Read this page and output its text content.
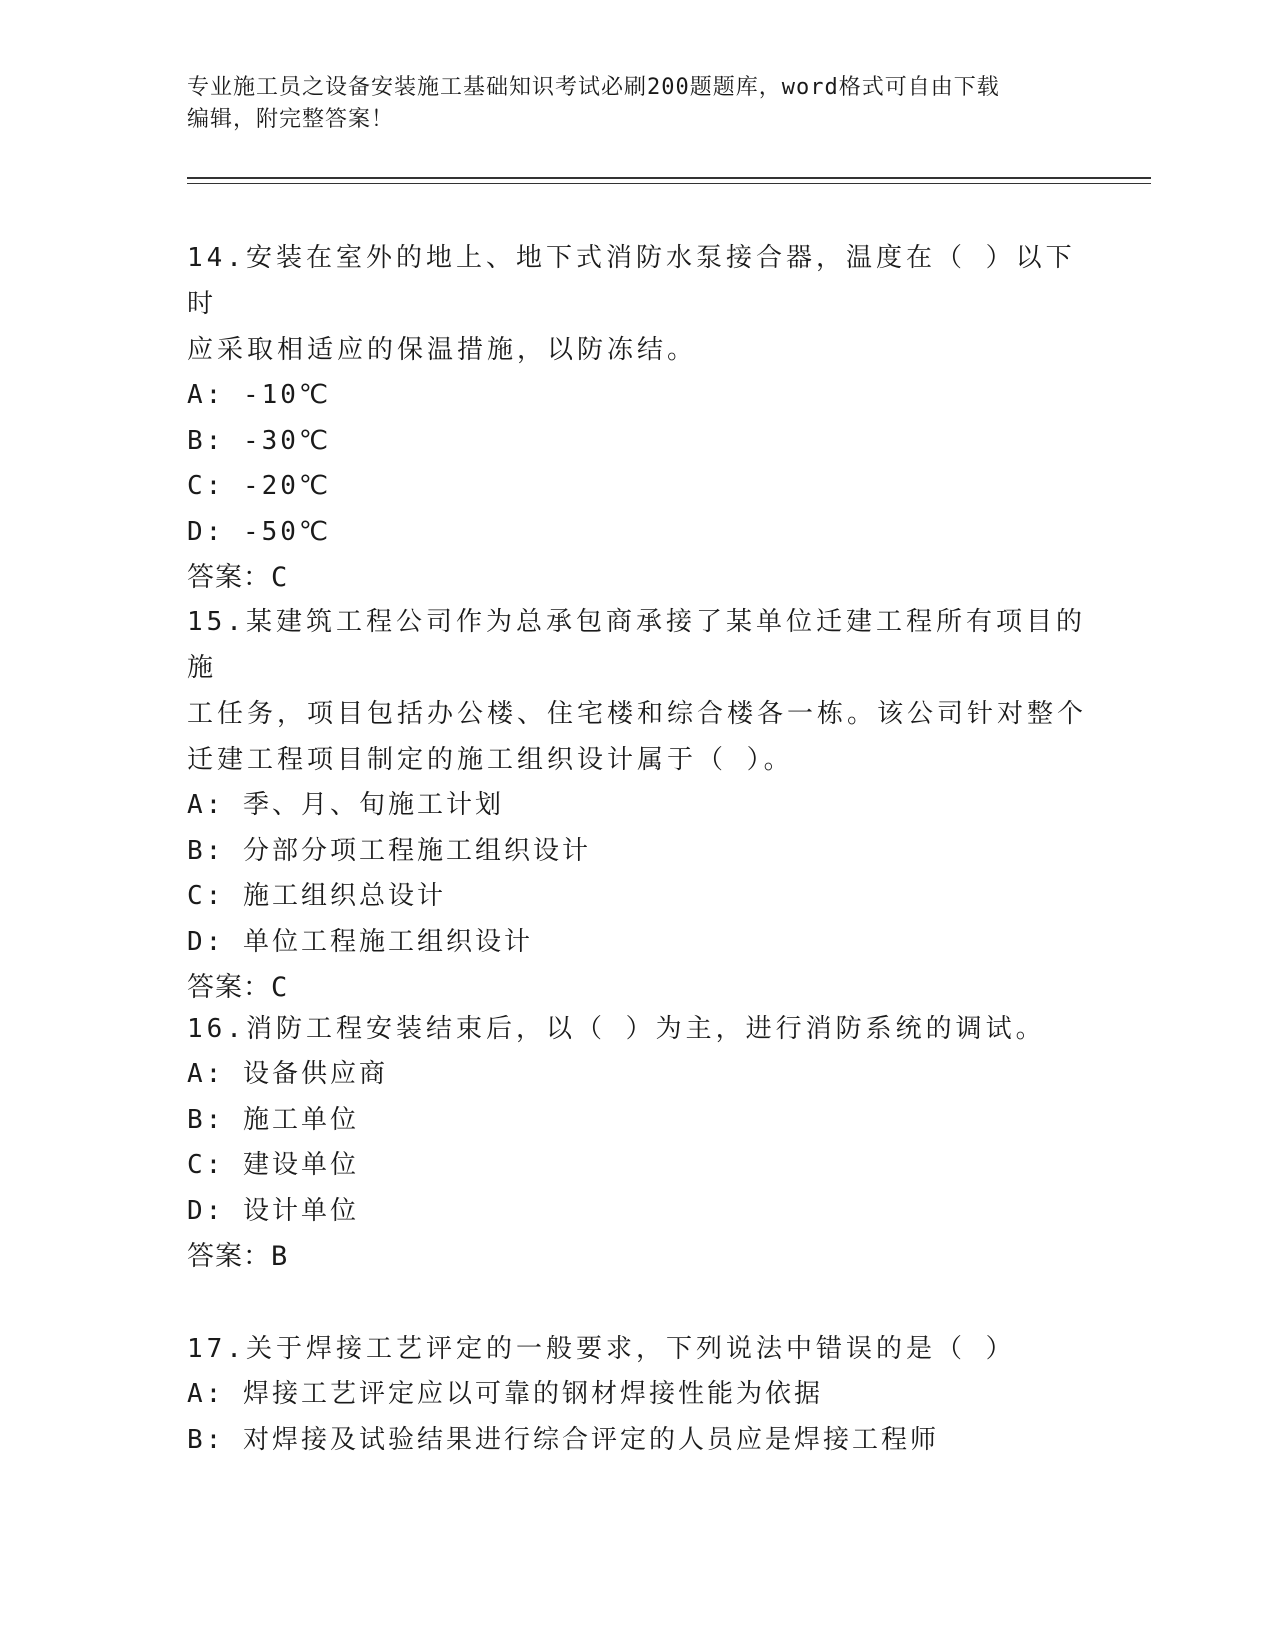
专业施工员之设备安装施工基础知识考试必刷200题题库，word格式可自由下载
编辑，附完整答案！

14.安装在室外的地上、地下式消防水泵接合器，温度在（ ）以下时

应采取相适应的保温措施，以防冻结。

A: -10℃

B: -30℃

C: -20℃

D: -50℃

答案：C

15.某建筑工程公司作为总承包商承接了某单位迁建工程所有项目的施

工任务，项目包括办公楼、住宅楼和综合楼各一栋。该公司针对整个

迁建工程项目制定的施工组织设计属于（ ）。

A: 季、月、旬施工计划

B: 分部分项工程施工组织设计

C: 施工组织总设计

D: 单位工程施工组织设计

答案：C

16.消防工程安装结束后，以（ ）为主，进行消防系统的调试。

A: 设备供应商

B: 施工单位

C: 建设单位

D: 设计单位

答案：B

17.关于焊接工艺评定的一般要求，下列说法中错误的是（ ）

A: 焊接工艺评定应以可靠的钢材焊接性能为依据

B: 对焊接及试验结果进行综合评定的人员应是焊接工程师
